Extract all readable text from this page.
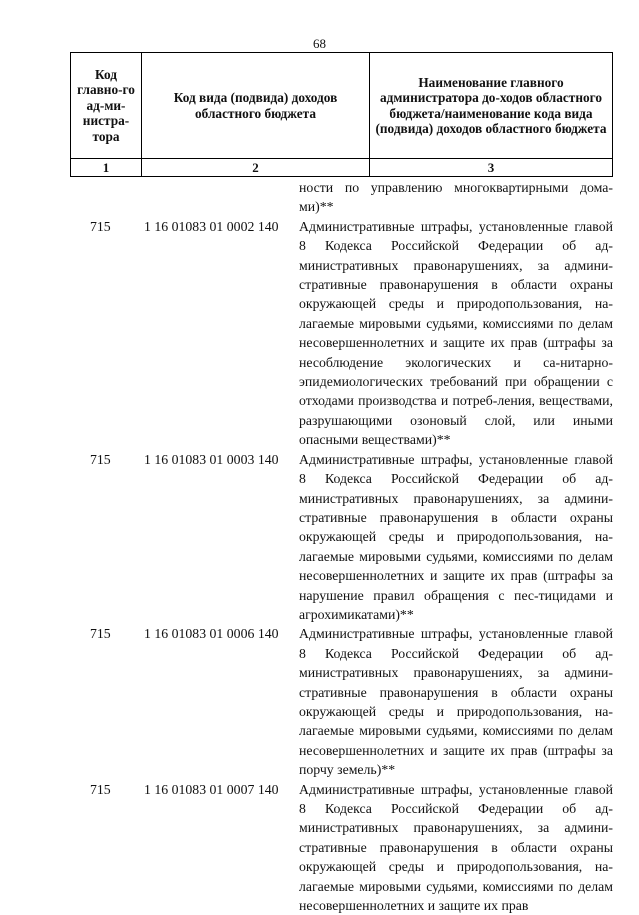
68
Код главно-го ад-ми-нистра-тора
Код вида (подвида) доходов областного бюджета
Наименование главного администратора до-ходов областного бюджета/наименование кода вида (подвида) доходов областного бюджета
1	2	3
ности по управлению многоквартирными дома-ми)**
715 1 16 01083 01 0002 140 Административные штрафы, установленные главой 8 Кодекса Российской Федерации об ад-министративных правонарушениях, за админи-стративные правонарушения в области охраны окружающей среды и природопользования, на-лагаемые мировыми судьями, комиссиями по делам несовершеннолетних и защите их прав (штрафы за несоблюдение экологических и са-нитарно-эпидемиологических требований при обращении с отходами производства и потреб-ления, веществами, разрушающими озоновый слой, или иными опасными веществами)**
715 1 16 01083 01 0003 140 Административные штрафы, установленные главой 8 Кодекса Российской Федерации об ад-министративных правонарушениях, за админи-стративные правонарушения в области охраны окружающей среды и природопользования, на-лагаемые мировыми судьями, комиссиями по делам несовершеннолетних и защите их прав (штрафы за нарушение правил обращения с пес-тицидами и агрохимикатами)**
715 1 16 01083 01 0006 140 Административные штрафы, установленные главой 8 Кодекса Российской Федерации об ад-министративных правонарушениях, за админи-стративные правонарушения в области охраны окружающей среды и природопользования, на-лагаемые мировыми судьями, комиссиями по делам несовершеннолетних и защите их прав (штрафы за порчу земель)**
715 1 16 01083 01 0007 140 Административные штрафы, установленные главой 8 Кодекса Российской Федерации об ад-министративных правонарушениях, за админи-стративные правонарушения в области охраны окружающей среды и природопользования, на-лагаемые мировыми судьями, комиссиями по делам несовершеннолетних и защите их прав
